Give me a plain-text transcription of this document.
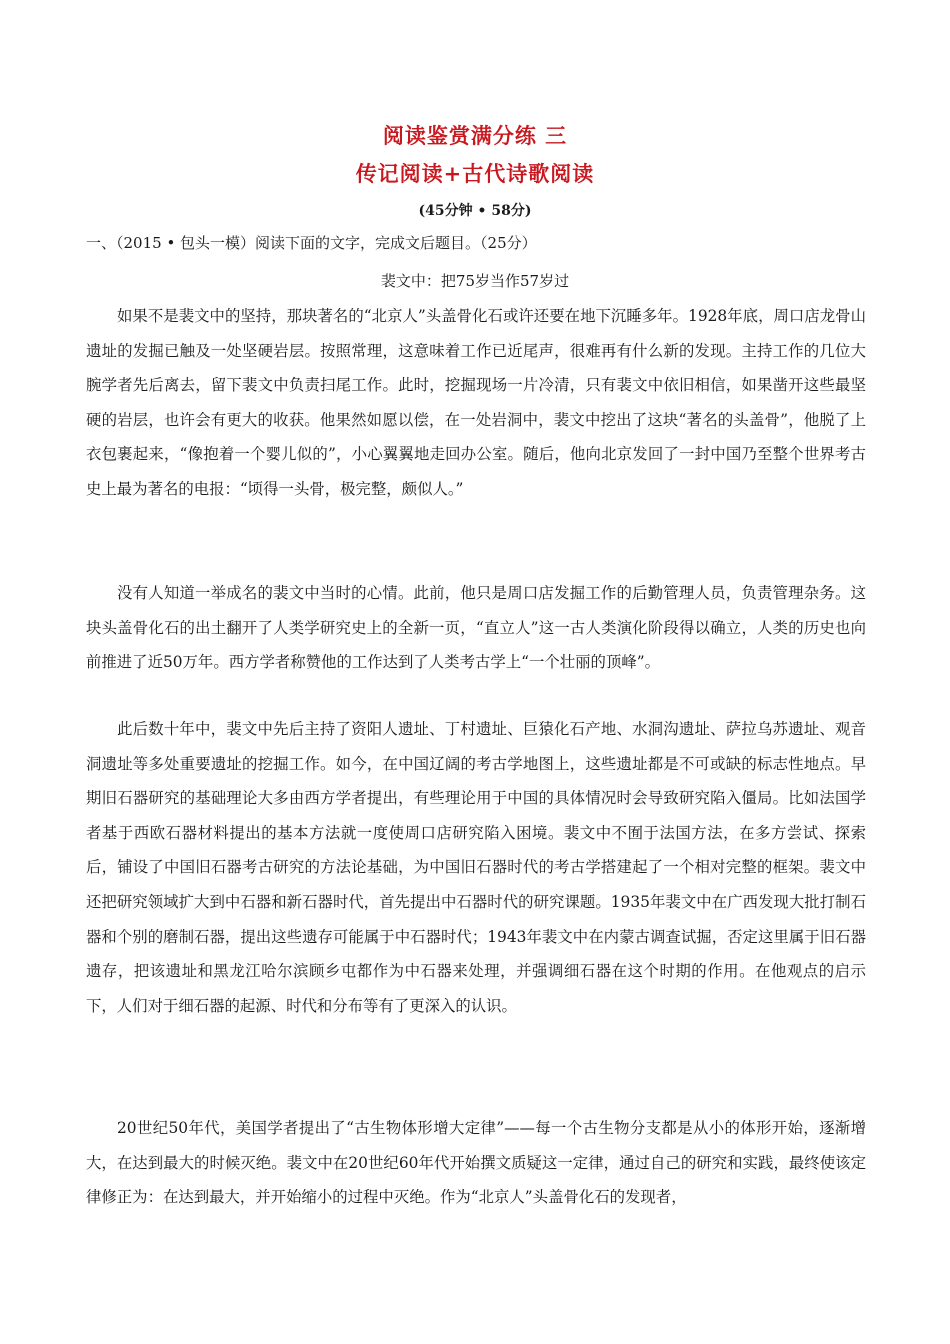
阅读鉴赏满分练 三
传记阅读+古代诗歌阅读
(45分钟 • 58分)
一、（2015 • 包头一模）阅读下面的文字，完成文后题目。（25分）
裴文中：把75岁当作57岁过

如果不是裴文中的坚持，那块著名的“北京人”头盖骨化石或许还要在地下沉睡多年。1928年底，周口店龙骨山遗址的发掘已触及一处坚硬岩层。按照常理，这意味着工作已近尾声，很难再有什么新的发现。主持工作的几位大腕学者先后离去，留下裴文中负责扫尾工作。此时，挖掘现场一片冷清，只有裴文中依旧相信，如果凿开这些最坚硬的岩层，也许会有更大的收获。他果然如愿以偿，在一处岩洞中，裴文中挖出了这块“著名的头盖骨”，他脱了上衣包裹起来，“像抱着一个婴儿似的”，小心翼翼地走回办公室。随后，他向北京发回了一封中国乃至整个世界考古史上最为著名的电报：“顷得一头骨，极完整，颇似人。”

没有人知道一举成名的裴文中当时的心情。此前，他只是周口店发掘工作的后勤管理人员，负责管理杂务。这块头盖骨化石的出土翻开了人类学研究史上的全新一页，“直立人”这一古人类演化阶段得以确立，人类的历史也向前推进了近50万年。西方学者称赞他的工作达到了人类考古学上“一个壮丽的顶峰”。

此后数十年中，裴文中先后主持了资阳人遗址、丁村遗址、巨猿化石产地、水洞沟遗址、萨拉乌苏遗址、观音洞遗址等多处重要遗址的挖掘工作。如今，在中国辽阔的考古学地图上，这些遗址都是不可或缺的标志性地点。早期旧石器研究的基础理论大多由西方学者提出，有些理论用于中国的具体情况时会导致研究陷入僵局。比如法国学者基于西欧石器材料提出的基本方法就一度使周口店研究陷入困境。裴文中不囿于法国方法，在多方尝试、探索后，铺设了中国旧石器考古研究的方法论基础，为中国旧石器时代的考古学搭建起了一个相对完整的框架。裴文中还把研究领域扩大到中石器和新石器时代，首先提出中石器时代的研究课题。1935年裴文中在广西发现大批打制石器和个别的磨制石器，提出这些遗存可能属于中石器时代；1943年裴文中在内蒙古调查试掘，否定这里属于旧石器遗存，把该遗址和黑龙江哈尔滨顾乡屯都作为中石器来处理，并强调细石器在这个时期的作用。在他观点的启示下，人们对于细石器的起源、时代和分布等有了更深入的认识。

20世纪50年代，美国学者提出了“古生物体形增大定律”——每一个古生物分支都是从小的体形开始，逐渐增大，在达到最大的时候灭绝。裴文中在20世纪60年代开始撰文质疑这一定律，通过自己的研究和实践，最终使该定律修正为：在达到最大，并开始缩小的过程中灭绝。作为“北京人”头盖骨化石的发现者，
